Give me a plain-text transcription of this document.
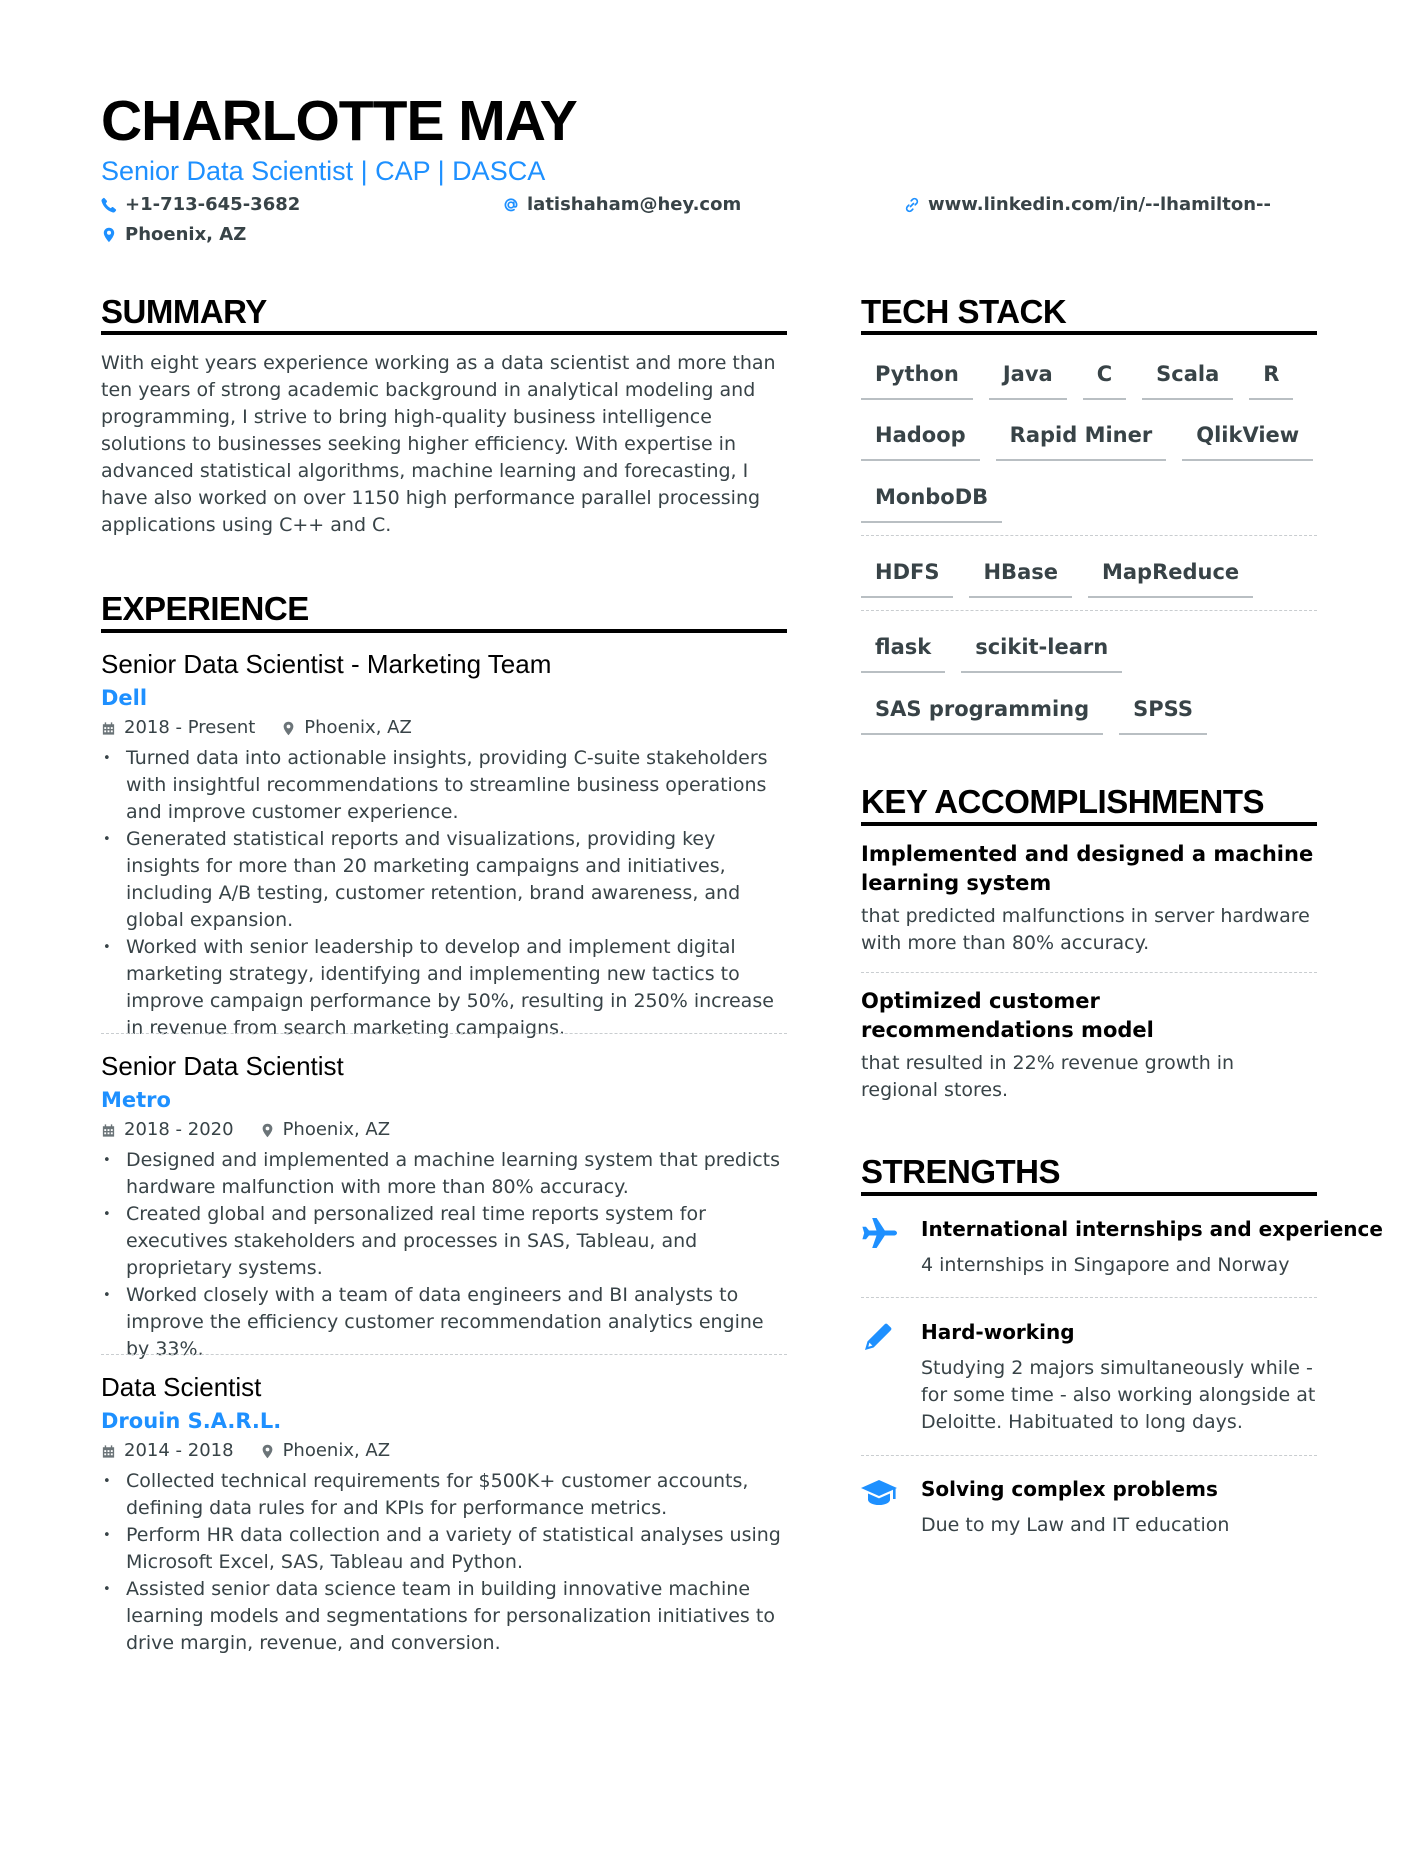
CHARLOTTE MAY
Senior Data Scientist | CAP | DASCA
+1-713-645-3682	latishaham@hey.com	www.linkedin.com/in/--lhamilton--
Phoenix, AZ
SUMMARY
With eight years experience working as a data scientist and more than ten years of strong academic background in analytical modeling and programming, I strive to bring high-quality business intelligence solutions to businesses seeking higher efficiency. With expertise in advanced statistical algorithms, machine learning and forecasting, I have also worked on over 1150 high performance parallel processing applications using C++ and C.
EXPERIENCE
Senior Data Scientist - Marketing Team
Dell
2018 - Present	Phoenix, AZ
• Turned data into actionable insights, providing C-suite stakeholders with insightful recommendations to streamline business operations and improve customer experience.
• Generated statistical reports and visualizations, providing key insights for more than 20 marketing campaigns and initiatives, including A/B testing, customer retention, brand awareness, and global expansion.
• Worked with senior leadership to develop and implement digital marketing strategy, identifying and implementing new tactics to improve campaign performance by 50%, resulting in 250% increase in revenue from search marketing campaigns.
Senior Data Scientist
Metro
2018 - 2020	Phoenix, AZ
• Designed and implemented a machine learning system that predicts hardware malfunction with more than 80% accuracy.
• Created global and personalized real time reports system for executives stakeholders and processes in SAS, Tableau, and proprietary systems.
• Worked closely with a team of data engineers and BI analysts to improve the efficiency customer recommendation analytics engine by 33%.
Data Scientist
Drouin S.A.R.L.
2014 - 2018	Phoenix, AZ
• Collected technical requirements for $500K+ customer accounts, defining data rules for and KPIs for performance metrics.
• Perform HR data collection and a variety of statistical analyses using Microsoft Excel, SAS, Tableau and Python.
• Assisted senior data science team in building innovative machine learning models and segmentations for personalization initiatives to drive margin, revenue, and conversion.
TECH STACK
Python	Java	C	Scala	R
Hadoop	Rapid Miner	QlikView
MonboDB
HDFS	HBase	MapReduce
flask	scikit-learn
SAS programming	SPSS
KEY ACCOMPLISHMENTS
Implemented and designed a machine learning system
that predicted malfunctions in server hardware with more than 80% accuracy.
Optimized customer recommendations model
that resulted in 22% revenue growth in regional stores.
STRENGTHS
International internships and experience
4 internships in Singapore and Norway
Hard-working
Studying 2 majors simultaneously while - for some time - also working alongside at Deloitte. Habituated to long days.
Solving complex problems
Due to my Law and IT education
